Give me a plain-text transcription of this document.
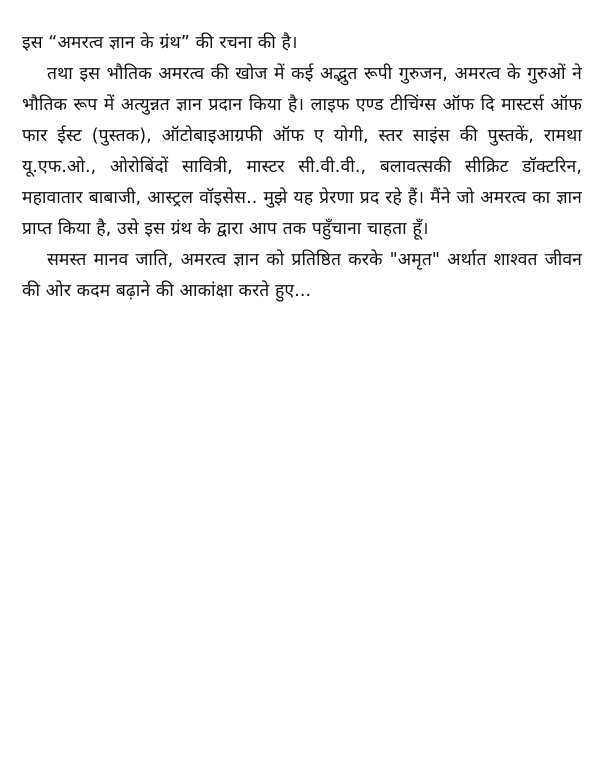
इस “अमरत्व ज्ञान के ग्रंथ” की रचना की है।

तथा इस भौतिक अमरत्व की खोज में कई अद्भुत रूपी गुरुजन, अमरत्व के गुरुओं ने भौतिक रूप में अत्युन्नत ज्ञान प्रदान किया है। लाइफ एण्ड टीचिंग्स ऑफ दि मास्टर्स ऑफ फार ईस्ट (पुस्तक), ऑटोबाइआग्रफी ऑफ ए योगी, स्तर साइंस की पुस्तकें, रामथा यू.एफ.ओ., ओरोबिंदों सावित्री, मास्टर सी.वी.वी., बलावत्सकी सीक्रिट डॉक्टरिन, महावातार बाबाजी, आस्ट्रल वॉइसेस.. मुझे यह प्रेरणा प्रद रहे हैं। मैंने जो अमरत्व का ज्ञान प्राप्त किया है, उसे इस ग्रंथ के द्वारा आप तक पहुँचाना चाहता हूँ।

समस्त मानव जाति, अमरत्व ज्ञान को प्रतिष्ठित करके "अमृत" अर्थात शाश्वत जीवन की ओर कदम बढ़ाने की आकांक्षा करते हुए...
